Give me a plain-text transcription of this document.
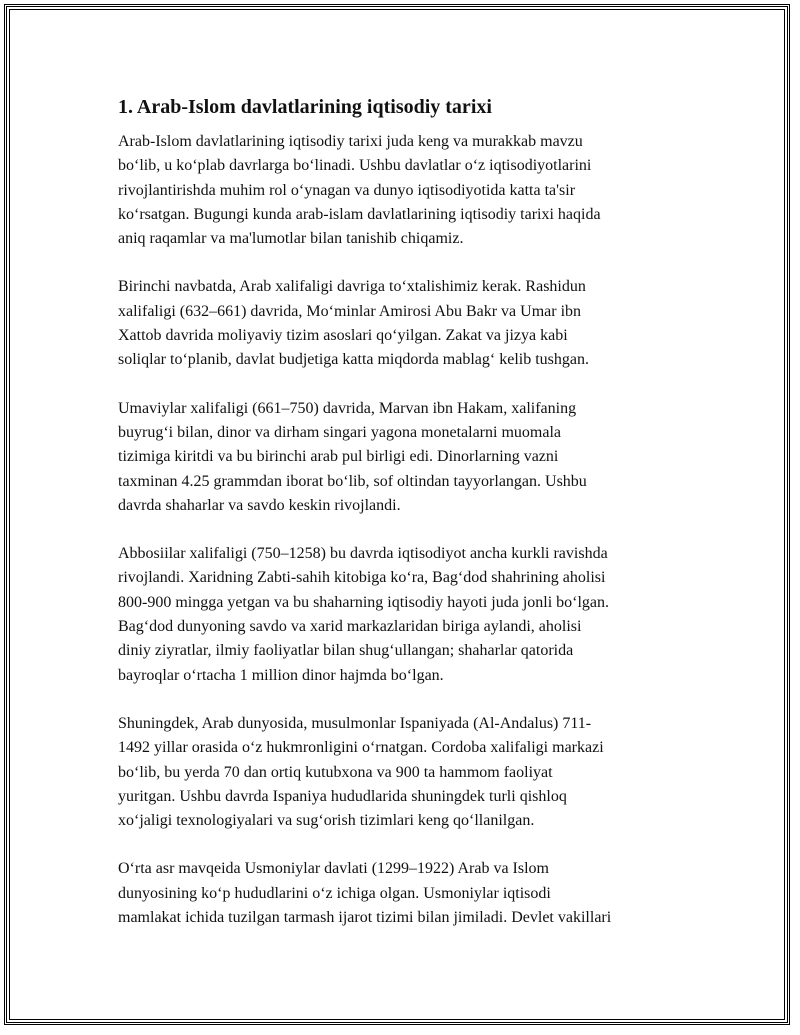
1. Arab-Islom davlatlarining iqtisodiy tarixi

Arab-Islom davlatlarining iqtisodiy tarixi juda keng va murakkab mavzu
bo‘lib, u ko‘plab davrlarga bo‘linadi. Ushbu davlatlar o‘z iqtisodiyotlarini
rivojlantirishda muhim rol o‘ynagan va dunyo iqtisodiyotida katta ta'sir
ko‘rsatgan. Bugungi kunda arab-islam davlatlarining iqtisodiy tarixi haqida
aniq raqamlar va ma'lumotlar bilan tanishib chiqamiz.

Birinchi navbatda, Arab xalifaligi davriga to‘xtalishimiz kerak. Rashidun
xalifaligi (632–661) davrida, Mo‘minlar Amirosi Abu Bakr va Umar ibn
Xattob davrida moliyaviy tizim asoslari qo‘yilgan. Zakat va jizya kabi
soliqlar to‘planib, davlat budjetiga katta miqdorda mablag‘ kelib tushgan.

Umaviylar xalifaligi (661–750) davrida, Marvan ibn Hakam, xalifaning
buyrug‘i bilan, dinor va dirham singari yagona monetalarni muomala
tizimiga kiritdi va bu birinchi arab pul birligi edi. Dinorlarning vazni
taxminan 4.25 grammdan iborat bo‘lib, sof oltindan tayyorlangan. Ushbu
davrda shaharlar va savdo keskin rivojlandi.

Abbosiilar xalifaligi (750–1258) bu davrda iqtisodiyot ancha kurkli ravishda
rivojlandi. Xaridning Zabti-sahih kitobiga ko‘ra, Bag‘dod shahrining aholisi
800-900 mingga yetgan va bu shaharning iqtisodiy hayoti juda jonli bo‘lgan.
Bag‘dod dunyoning savdo va xarid markazlaridan biriga aylandi, aholisi
diniy ziyratlar, ilmiy faoliyatlar bilan shug‘ullangan; shaharlar qatorida
bayroqlar o‘rtacha 1 million dinor hajmda bo‘lgan.

Shuningdek, Arab dunyosida, musulmonlar Ispaniyada (Al-Andalus) 711-
1492 yillar orasida o‘z hukmronligini o‘rnatgan. Cordoba xalifaligi markazi
bo‘lib, bu yerda 70 dan ortiq kutubxona va 900 ta hammom faoliyat
yuritgan. Ushbu davrda Ispaniya hududlarida shuningdek turli qishloq
xo‘jaligi texnologiyalari va sug‘orish tizimlari keng qo‘llanilgan.

O‘rta asr mavqeida Usmoniylar davlati (1299–1922) Arab va Islom
dunyosining ko‘p hududlarini o‘z ichiga olgan. Usmoniylar iqtisodi
mamlakat ichida tuzilgan tarmash ijarot tizimi bilan jimiladi. Devlet vakillari
